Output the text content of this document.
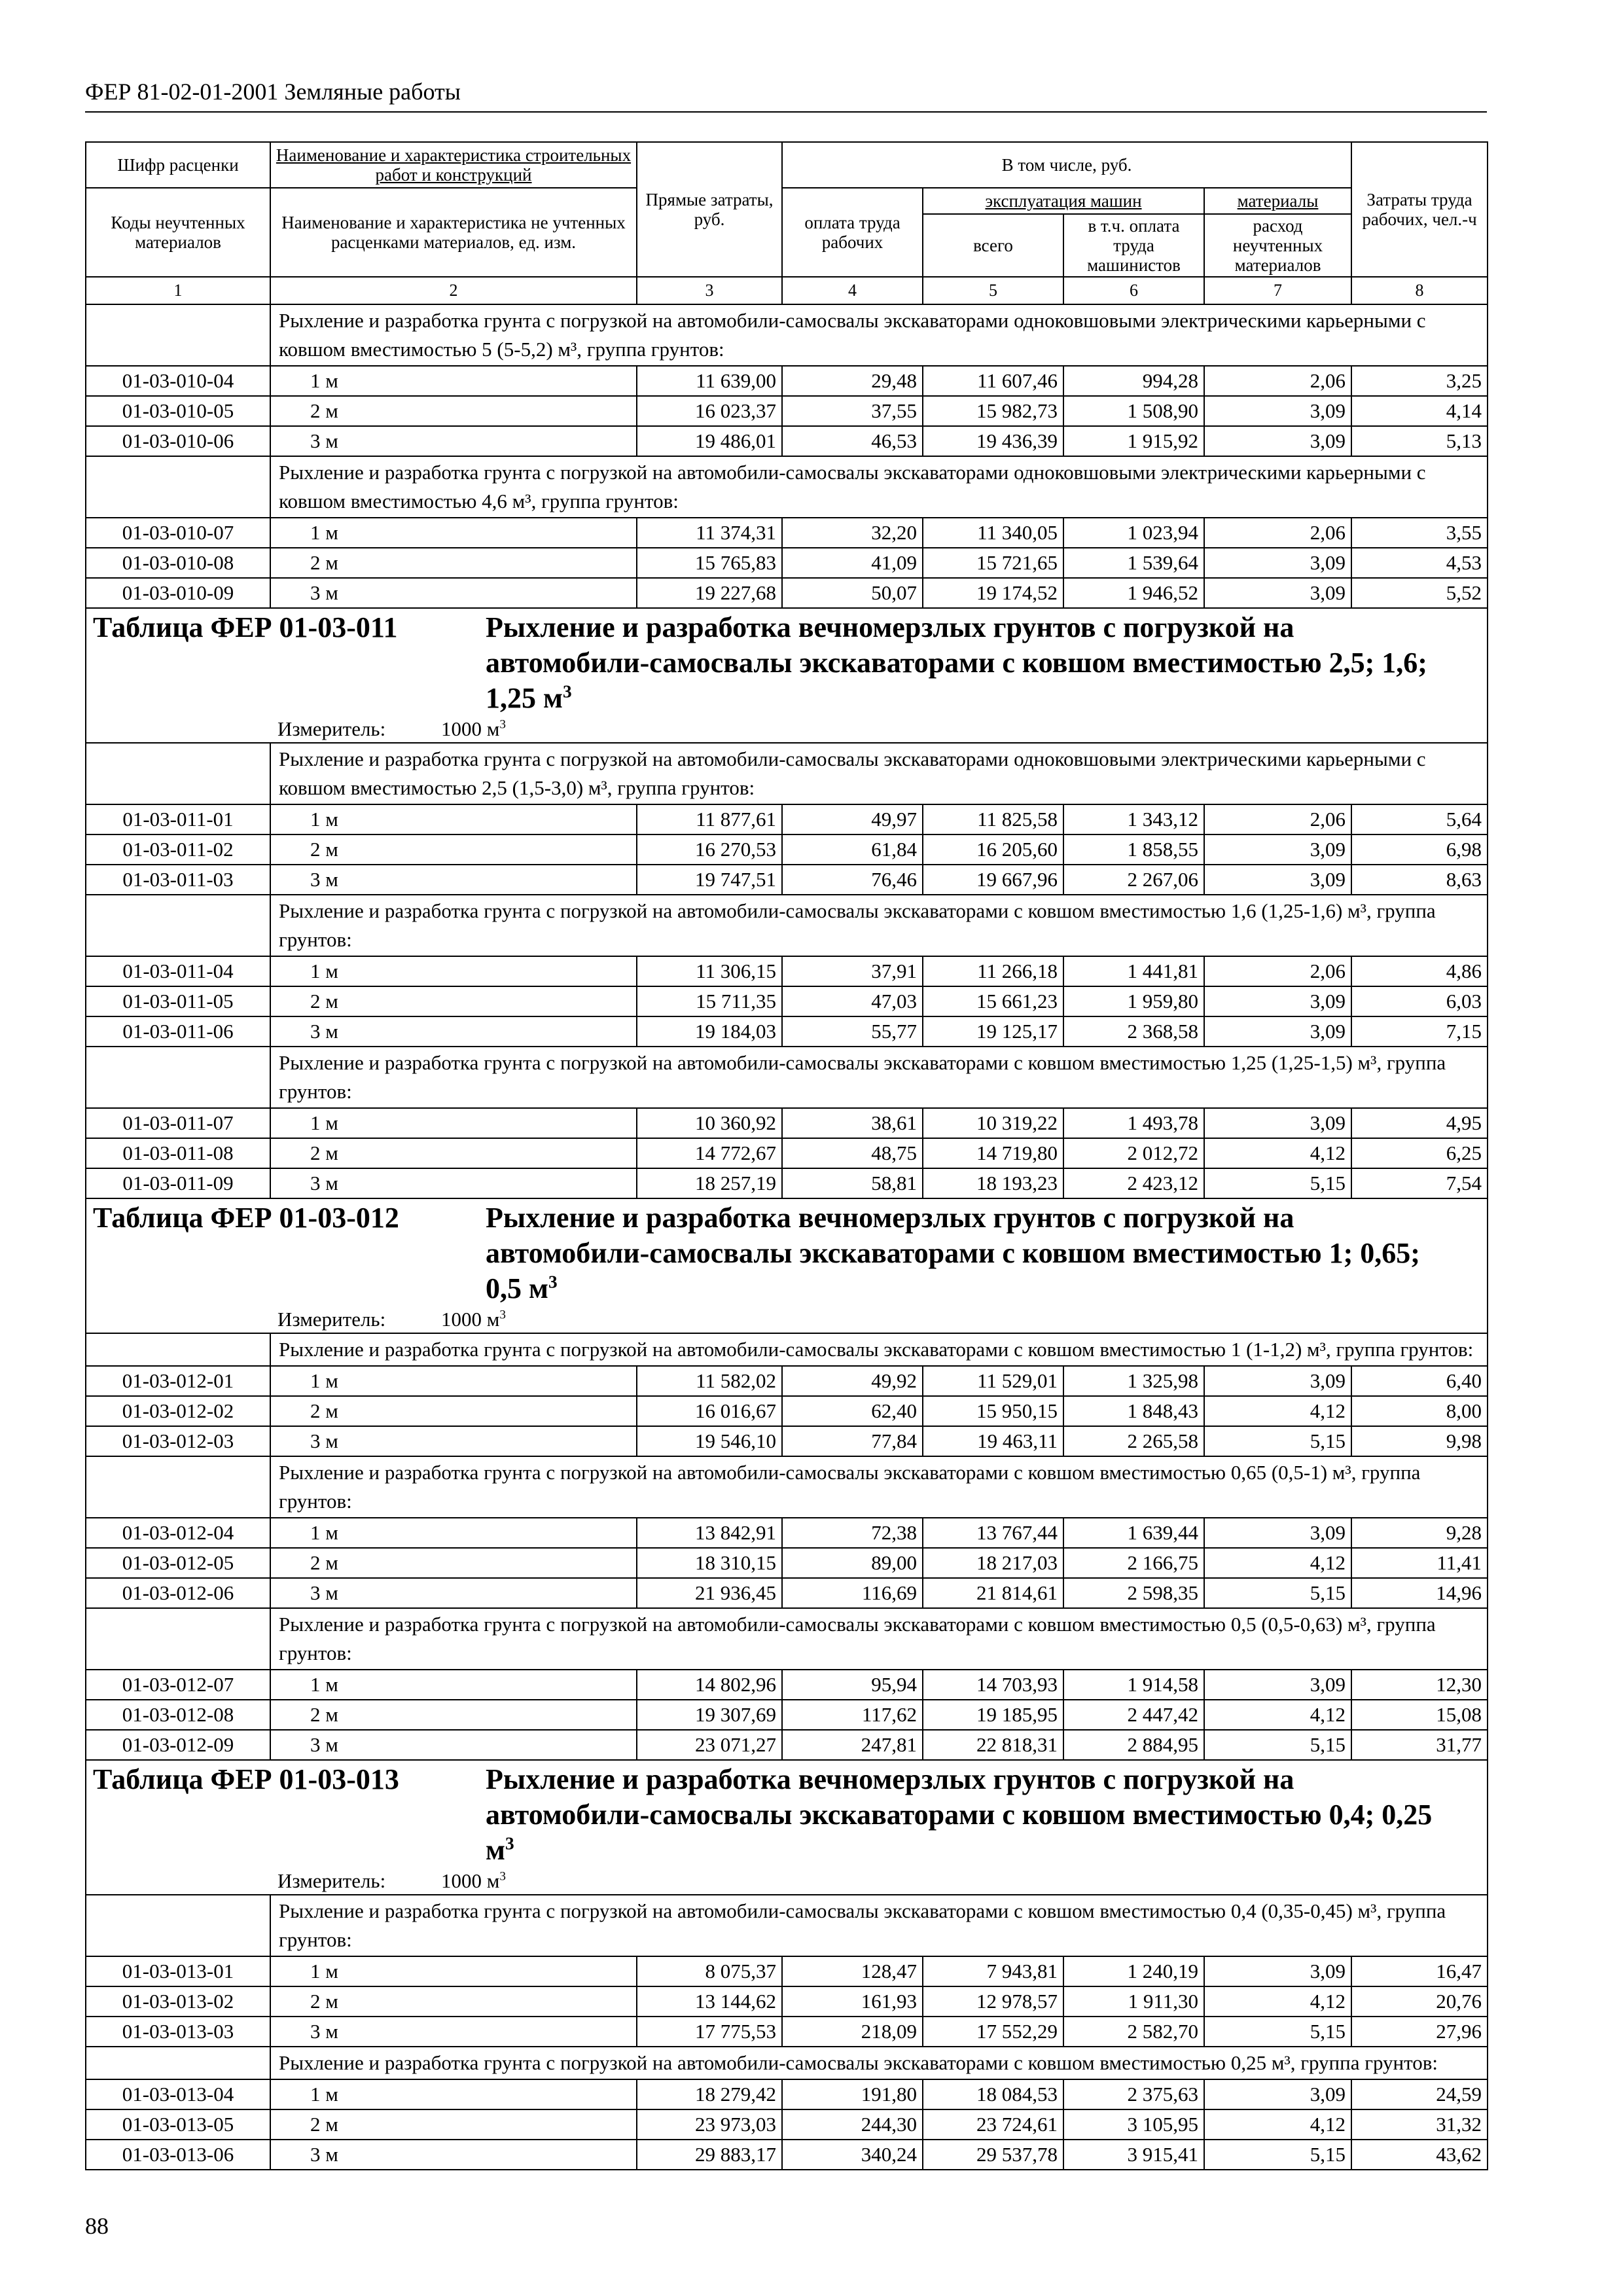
ФЕР 81-02-01-2001 Земляные работы
Шифр расценки	Наименование и характеристика строительных работ и конструкций	Прямые затраты, руб.	В том числе, руб.				Затраты труда рабочих, чел.-ч
Коды неучтенных материалов	Наименование и характеристика не учтенных расценками материалов, ед. изм.		оплата труда рабочих	эксплуатация машин		материалы	
				всего	в т.ч. оплата труда машинистов	расход неучтенных материалов	

1	2	3	4	5	6	7	8
	Рыхление и разработка грунта с погрузкой на автомобили-самосвалы экскаваторами одноковшовыми электрическими карьерными с ковшом вместимостью 5 (5-5,2) м³, группа грунтов:						
01-03-010-04	1 м	11 639,00	29,48	11 607,46	994,28	2,06	3,25
01-03-010-05	2 м	16 023,37	37,55	15 982,73	1 508,90	3,09	4,14
01-03-010-06	3 м	19 486,01	46,53	19 436,39	1 915,92	3,09	5,13
	Рыхление и разработка грунта с погрузкой на автомобили-самосвалы экскаваторами одноковшовыми электрическими карьерными с ковшом вместимостью 4,6 м³, группа грунтов:						
01-03-010-07	1 м	11 374,31	32,20	11 340,05	1 023,94	2,06	3,55
01-03-010-08	2 м	15 765,83	41,09	15 721,65	1 539,64	3,09	4,53
01-03-010-09	3 м	19 227,68	50,07	19 174,52	1 946,52	3,09	5,52
Таблица ФЕР 01-03-011 Рыхление и разработка вечномерзлых грунтов с погрузкой на автомобили-самосвалы экскаваторами с ковшом вместимостью 2,5; 1,6; 1,25 $м^3$
Измеритель: 1000 $м^3$

	Рыхление и разработка грунта с погрузкой на автомобили-самосвалы экскаваторами одноковшовыми электрическими карьерными с ковшом вместимостью 2,5 (1,5-3,0) м³, группа грунтов:						
01-03-011-01	1 м	11 877,61	49,97	11 825,58	1 343,12	2,06	5,64
01-03-011-02	2 м	16 270,53	61,84	16 205,60	1 858,55	3,09	6,98
01-03-011-03	3 м	19 747,51	76,46	19 667,96	2 267,06	3,09	8,63
	Рыхление и разработка грунта с погрузкой на автомобили-самосвалы экскаваторами с ковшом вместимостью 1,6 (1,25-1,6) м³, группа грунтов:						
01-03-011-04	1 м	11 306,15	37,91	11 266,18	1 441,81	2,06	4,86
01-03-011-05	2 м	15 711,35	47,03	15 661,23	1 959,80	3,09	6,03
01-03-011-06	3 м	19 184,03	55,77	19 125,17	2 368,58	3,09	7,15
	Рыхление и разработка грунта с погрузкой на автомобили-самосвалы экскаваторами с ковшом вместимостью 1,25 (1,25-1,5) м³, группа грунтов:						
01-03-011-07	1 м	10 360,92	38,61	10 319,22	1 493,78	3,09	4,95
01-03-011-08	2 м	14 772,67	48,75	14 719,80	2 012,72	4,12	6,25
01-03-011-09	3 м	18 257,19	58,81	18 193,23	2 423,12	5,15	7,54
Таблица ФЕР 01-03-012 Рыхление и разработка вечномерзлых грунтов с погрузкой на автомобили-самосвалы экскаваторами с ковшом вместимостью 1; 0,65; 0,5 $м^3$
Измеритель: 1000 $м^3$

	Рыхление и разработка грунта с погрузкой на автомобили-самосвалы экскаваторами с ковшом вместимостью 1 (1-1,2) м³, группа грунтов:						
01-03-012-01	1 м	11 582,02	49,92	11 529,01	1 325,98	3,09	6,40
01-03-012-02	2 м	16 016,67	62,40	15 950,15	1 848,43	4,12	8,00
01-03-012-03	3 м	19 546,10	77,84	19 463,11	2 265,58	5,15	9,98
	Рыхление и разработка грунта с погрузкой на автомобили-самосвалы экскаваторами с ковшом вместимостью 0,65 (0,5-1) м³, группа грунтов:						
01-03-012-04	1 м	13 842,91	72,38	13 767,44	1 639,44	3,09	9,28
01-03-012-05	2 м	18 310,15	89,00	18 217,03	2 166,75	4,12	11,41
01-03-012-06	3 м	21 936,45	116,69	21 814,61	2 598,35	5,15	14,96
	Рыхление и разработка грунта с погрузкой на автомобили-самосвалы экскаваторами с ковшом вместимостью 0,5 (0,5-0,63) м³, группа грунтов:						
01-03-012-07	1 м	14 802,96	95,94	14 703,93	1 914,58	3,09	12,30
01-03-012-08	2 м	19 307,69	117,62	19 185,95	2 447,42	4,12	15,08
01-03-012-09	3 м	23 071,27	247,81	22 818,31	2 884,95	5,15	31,77
Таблица ФЕР 01-03-013 Рыхление и разработка вечномерзлых грунтов с погрузкой на автомобили-самосвалы экскаваторами с ковшом вместимостью 0,4; 0,25 $м^3$
Измеритель: 1000 $м^3$

	Рыхление и разработка грунта с погрузкой на автомобили-самосвалы экскаваторами с ковшом вместимостью 0,4 (0,35-0,45) м³, группа грунтов:						
01-03-013-01	1 м	8 075,37	128,47	7 943,81	1 240,19	3,09	16,47
01-03-013-02	2 м	13 144,62	161,93	12 978,57	1 911,30	4,12	20,76
01-03-013-03	3 м	17 775,53	218,09	17 552,29	2 582,70	5,15	27,96
	Рыхление и разработка грунта с погрузкой на автомобили-самосвалы экскаваторами с ковшом вместимостью 0,25 м³, группа грунтов:						
01-03-013-04	1 м	18 279,42	191,80	18 084,53	2 375,63	3,09	24,59
01-03-013-05	2 м	23 973,03	244,30	23 724,61	3 105,95	4,12	31,32
01-03-013-06	3 м	29 883,17	340,24	29 537,78	3 915,41	5,15	43,62
88
